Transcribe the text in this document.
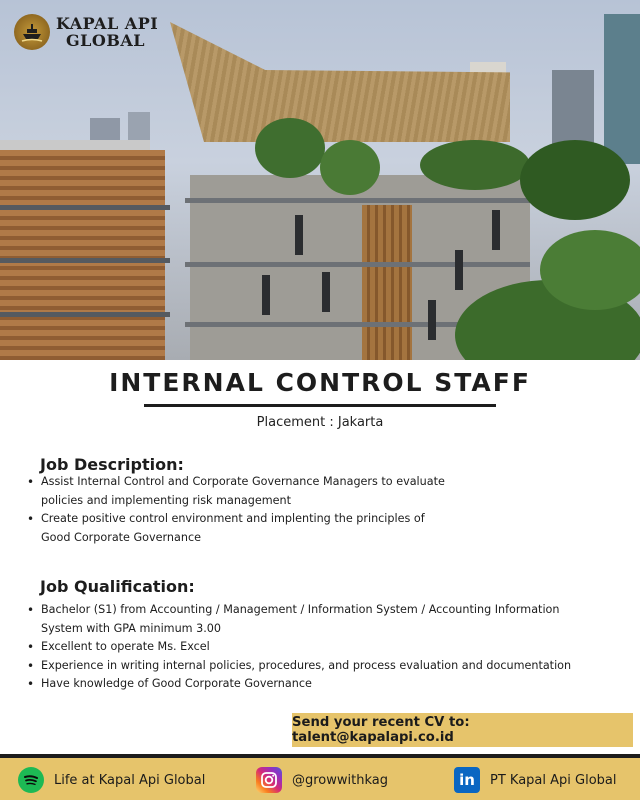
KAPAL API
GLOBAL
INTERNAL CONTROL STAFF
Placement : Jakarta
Job Description:
• Assist Internal Control and Corporate Governance Managers to evaluate
policies and implementing risk management
• Create positive control environment and implenting the principles of
Good Corporate Governance
Job Qualification:
• Bachelor (S1) from Accounting / Management / Information System / Accounting Information
System with GPA minimum 3.00
• Excellent to operate Ms. Excel
• Experience in writing internal policies, procedures, and process evaluation and documentation
• Have knowledge of Good Corporate Governance
Send your recent CV to: talent@kapalapi.co.id
Life at Kapal Api Global	@growwithkag	in PT Kapal Api Global
